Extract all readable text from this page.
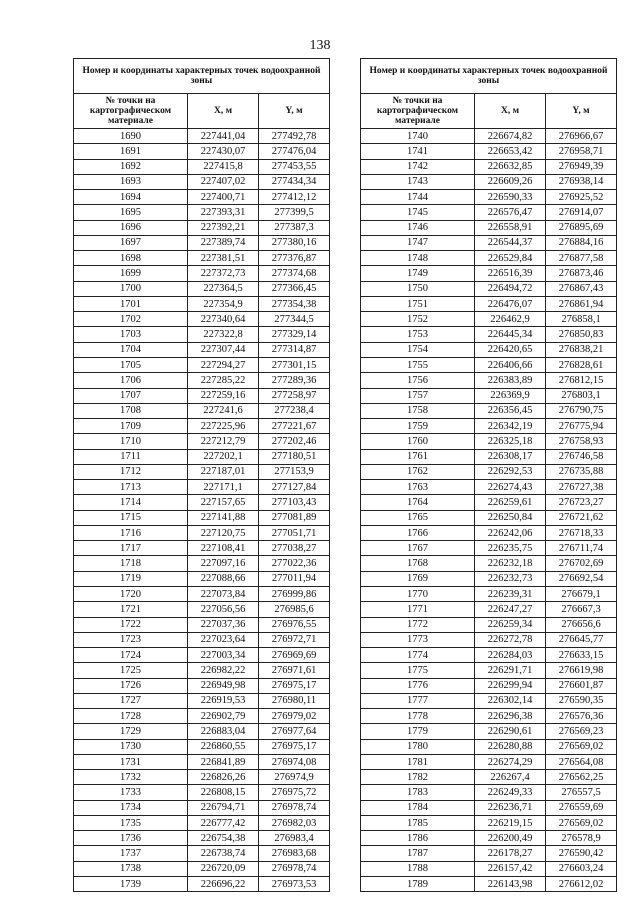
138
Номер и координаты характерных точек водоохранной зоны		
№ точки на картографическом материале	X, м	Y, м
1690	227441,04	277492,78
1691	227430,07	277476,04
1692	227415,8	277453,55
1693	227407,02	277434,34
1694	227400,71	277412,12
1695	227393,31	277399,5
1696	227392,21	277387,3
1697	227389,74	277380,16
1698	227381,51	277376,87
1699	227372,73	277374,68
1700	227364,5	277366,45
1701	227354,9	277354,38
1702	227340,64	277344,5
1703	227322,8	277329,14
1704	227307,44	277314,87
1705	227294,27	277301,15
1706	227285,22	277289,36
1707	227259,16	277258,97
1708	227241,6	277238,4
1709	227225,96	277221,67
1710	227212,79	277202,46
1711	227202,1	277180,51
1712	227187,01	277153,9
1713	227171,1	277127,84
1714	227157,65	277103,43
1715	227141,88	277081,89
1716	227120,75	277051,71
1717	227108,41	277038,27
1718	227097,16	277022,36
1719	227088,66	277011,94
1720	227073,84	276999,86
1721	227056,56	276985,6
1722	227037,36	276976,55
1723	227023,64	276972,71
1724	227003,34	276969,69
1725	226982,22	276971,61
1726	226949,98	276975,17
1727	226919,53	276980,11
1728	226902,79	276979,02
1729	226883,04	276977,64
1730	226860,55	276975,17
1731	226841,89	276974,08
1732	226826,26	276974,9
1733	226808,15	276975,72
1734	226794,71	276978,74
1735	226777,42	276982,03
1736	226754,38	276983,4
1737	226738,74	276983,68
1738	226720,09	276978,74
1739	226696,22	276973,53
Номер и координаты характерных точек водоохранной зоны		
№ точки на картографическом материале	X, м	Y, м
1740	226674,82	276966,67
1741	226653,42	276958,71
1742	226632,85	276949,39
1743	226609,26	276938,14
1744	226590,33	276925,52
1745	226576,47	276914,07
1746	226558,91	276895,69
1747	226544,37	276884,16
1748	226529,84	276877,58
1749	226516,39	276873,46
1750	226494,72	276867,43
1751	226476,07	276861,94
1752	226462,9	276858,1
1753	226445,34	276850,83
1754	226420,65	276838,21
1755	226406,66	276828,61
1756	226383,89	276812,15
1757	226369,9	276803,1
1758	226356,45	276790,75
1759	226342,19	276775,94
1760	226325,18	276758,93
1761	226308,17	276746,58
1762	226292,53	276735,88
1763	226274,43	276727,38
1764	226259,61	276723,27
1765	226250,84	276721,62
1766	226242,06	276718,33
1767	226235,75	276711,74
1768	226232,18	276702,69
1769	226232,73	276692,54
1770	226239,31	276679,1
1771	226247,27	276667,3
1772	226259,34	276656,6
1773	226272,78	276645,77
1774	226284,03	276633,15
1775	226291,71	276619,98
1776	226299,94	276601,87
1777	226302,14	276590,35
1778	226296,38	276576,36
1779	226290,61	276569,23
1780	226280,88	276569,02
1781	226274,29	276564,08
1782	226267,4	276562,25
1783	226249,33	276557,5
1784	226236,71	276559,69
1785	226219,15	276569,02
1786	226200,49	276578,9
1787	226178,27	276590,42
1788	226157,42	276603,24
1789	226143,98	276612,02
